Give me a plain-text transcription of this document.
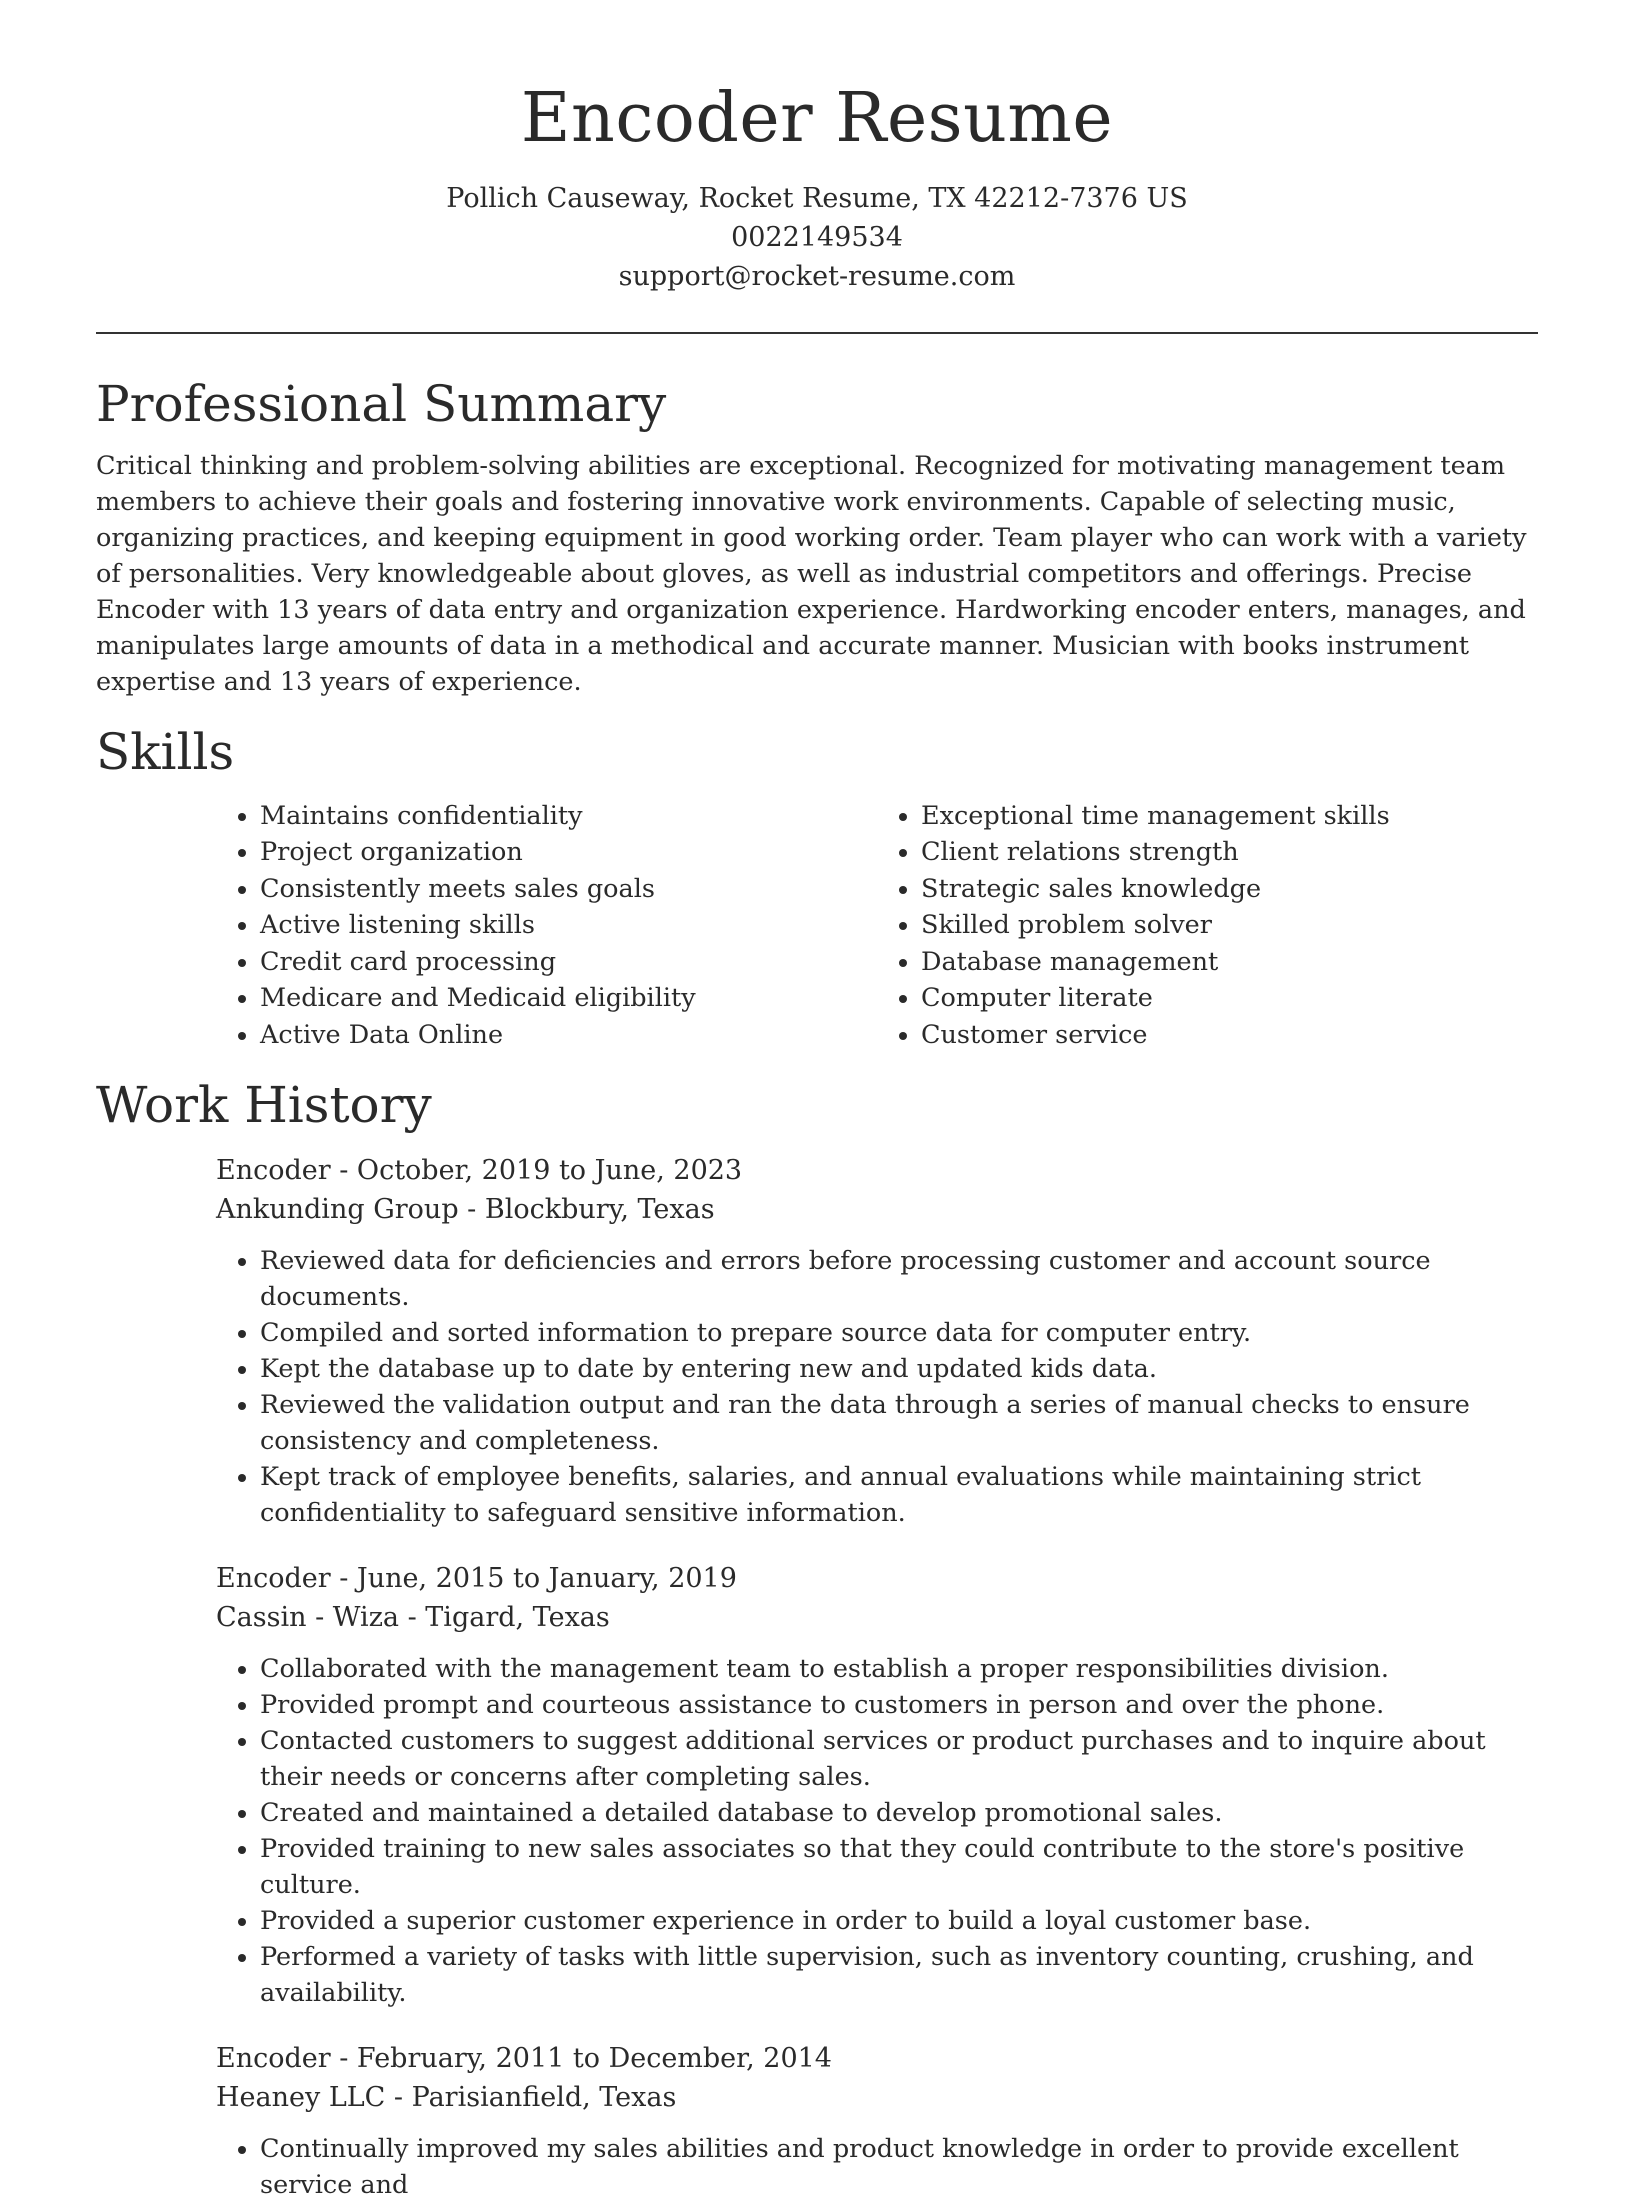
Encoder Resume
Pollich Causeway, Rocket Resume, TX 42212-7376 US
0022149534
support@rocket-resume.com
Professional Summary

Critical thinking and problem-solving abilities are exceptional. Recognized for motivating management team members to achieve their goals and fostering innovative work environments. Capable of selecting music, organizing practices, and keeping equipment in good working order. Team player who can work with a variety of personalities. Very knowledgeable about gloves, as well as industrial competitors and offerings. Precise Encoder with 13 years of data entry and organization experience. Hardworking encoder enters, manages, and manipulates large amounts of data in a methodical and accurate manner. Musician with books instrument expertise and 13 years of experience.

Skills
• Maintains confidentiality
• Project organization
• Consistently meets sales goals
• Active listening skills
• Credit card processing
• Medicare and Medicaid eligibility
• Active Data Online
• Exceptional time management skills
• Client relations strength
• Strategic sales knowledge
• Skilled problem solver
• Database management
• Computer literate
• Customer service
Work History
Encoder - October, 2019 to June, 2023
Ankunding Group - Blockbury, Texas
• Reviewed data for deficiencies and errors before processing customer and account source documents.
• Compiled and sorted information to prepare source data for computer entry.
• Kept the database up to date by entering new and updated kids data.
• Reviewed the validation output and ran the data through a series of manual checks to ensure consistency and completeness.
• Kept track of employee benefits, salaries, and annual evaluations while maintaining strict confidentiality to safeguard sensitive information.
Encoder - June, 2015 to January, 2019
Cassin - Wiza - Tigard, Texas
• Collaborated with the management team to establish a proper responsibilities division.
• Provided prompt and courteous assistance to customers in person and over the phone.
• Contacted customers to suggest additional services or product purchases and to inquire about their needs or concerns after completing sales.
• Created and maintained a detailed database to develop promotional sales.
• Provided training to new sales associates so that they could contribute to the store's positive culture.
• Provided a superior customer experience in order to build a loyal customer base.
• Performed a variety of tasks with little supervision, such as inventory counting, crushing, and availability.
Encoder - February, 2011 to December, 2014
Heaney LLC - Parisianfield, Texas
• Continually improved my sales abilities and product knowledge in order to provide excellent service and
